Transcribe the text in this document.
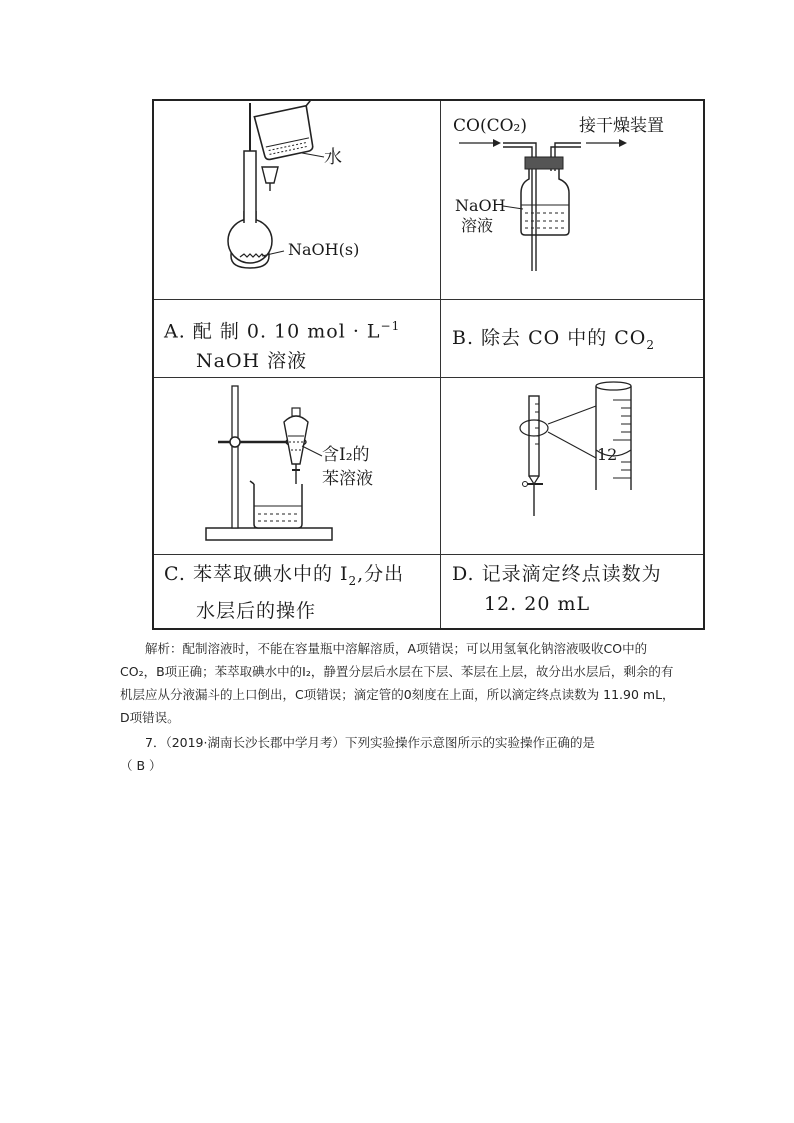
水
NaOH(s)
CO(CO₂)	接干燥装置
NaOH
溶液
A. 配 制 0. 10 mol · $L^{-1}$
NaOH 溶液
B. 除去 CO 中的 $CO_2$
含I₂的
苯溶液
12
C. 苯萃取碘水中的 $I_2$,分出
水层后的操作
D. 记录滴定终点读数为
12. 20 mL

解析：配制溶液时，不能在容量瓶中溶解溶质，A项错误；可以用氢氧化钠溶液吸收CO中的CO₂，B项正确；苯萃取碘水中的I₂，静置分层后水层在下层、苯层在上层，故分出水层后，剩余的有机层应从分液漏斗的上口倒出，C项错误；滴定管的0刻度在上面，所以滴定终点读数为 11.90 mL，D项错误。

7．（2019·湖南长沙长郡中学月考）下列实验操作示意图所示的实验操作正确的是

（ B ）
